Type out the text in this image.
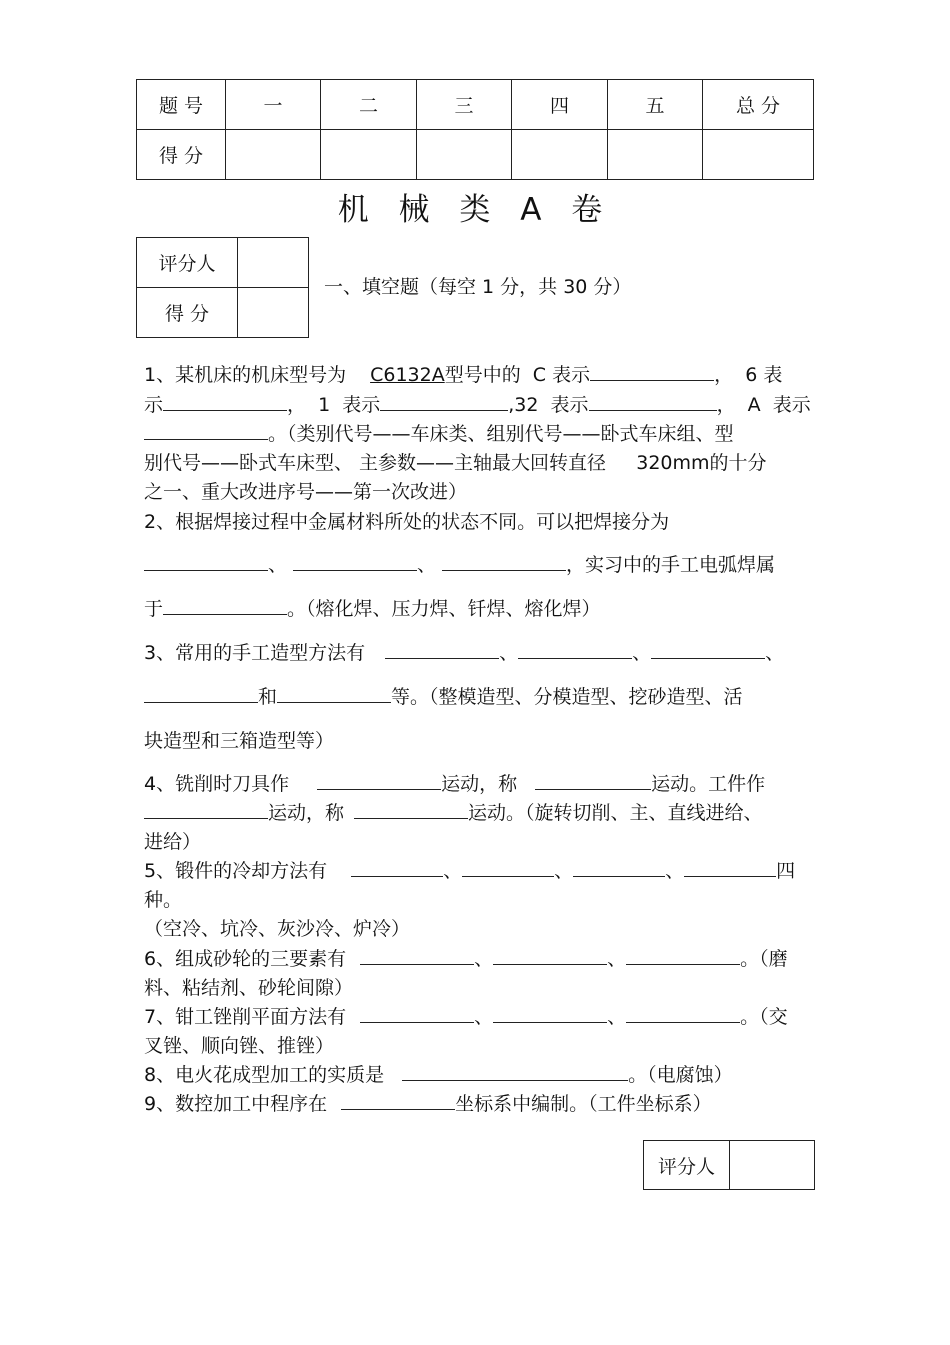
题 号	一	二	三	四	五	总 分
得 分						
机 械 类 A 卷
评分人	
得 分	
一、填空题（每空 1 分，共 30 分）
1、某机床的机床型号为 C6132A型号中的  C 表示	，  6 表
示	，  1  表示	,32  表示	，  A  表示
。（类别代号——车床类、组别代号——卧式车床组、型
别代号——卧式车床型、 主参数——主轴最大回转直径     320mm的十分
之一、重大改进序号——第一次改进）
2、根据焊接过程中金属材料所处的状态不同。可以把焊接分为
、	、	，实习中的手工电弧焊属
于	。（熔化焊、压力焊、钎焊、熔化焊）
3、常用的手工造型方法有	、	、	、
和	等。（整模造型、分模造型、挖砂造型、活
块造型和三箱造型等）
4、铣削时刀具作	运动，称	运动。工件作
运动，称	运动。（旋转切削、主、直线进给、
进给）
5、锻件的冷却方法有	、	、	、	四
种。
（空冷、坑冷、灰沙冷、炉冷）
6、组成砂轮的三要素有	、	、	。（磨
料、粘结剂、砂轮间隙）
7、钳工锉削平面方法有	、	、	。（交
叉锉、顺向锉、推锉）
8、电火花成型加工的实质是	。（电腐蚀）
9、数控加工中程序在	坐标系中编制。（工件坐标系）
评分人	
